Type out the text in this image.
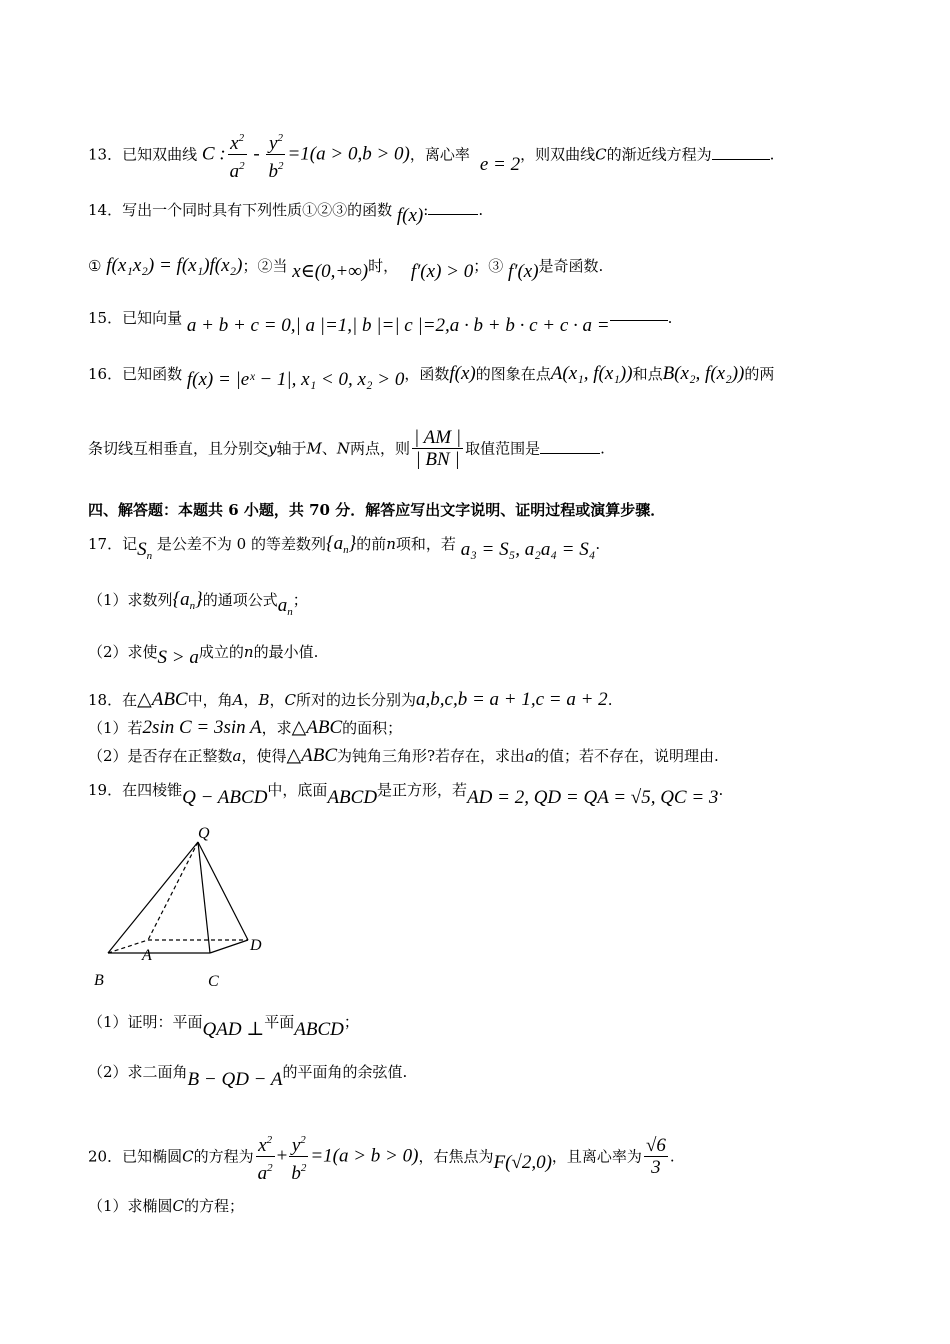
13．已知双曲线 C : $\frac{x^2}{a^2} - \frac{y^2}{b^2} =1(a > 0,b > 0)$，离心率 e = 2，则双曲线C的渐近线方程为	.
14．写出一个同时具有下列性质①②③的函数 f(x):	.
① f(x₁x₂) = f(x₁)f(x₂)；②当 x∈(0,+∞)时， f′(x) > 0；③ f′(x)是奇函数.
15．已知向量 a + b + c = 0,| a |=1,| b |=| c |=2,a · b + b · c + c · a =	.
16．已知函数 f(x) = |eˣ − 1|, x₁ < 0, x₂ > 0，函数f(x)的图象在点A(x₁, f(x₁))和点B(x₂, f(x₂))的两
条切线互相垂直，且分别交y轴于M、N两点，则 $\frac{| AM |}{| BN |}$ 取值范围是	.
四、解答题：本题共 6 小题，共 70 分．解答应写出文字说明、证明过程或演算步骤．
17．记$S_n$ 是公差不为 0 的等差数列$\{a_n\}$的前n项和，若 a₃ = S₅, a₂a₄ = S₄.
（1）求数列$\{a_n\}$的通项公式$a_n$；
（2）求使S > a成立的n的最小值.
18．在△ABC中，角A，B，C所对的边长分别为a,b,c,b = a + 1,c = a + 2.
（1）若2sin C = 3sin A，求△ABC的面积；
（2）是否存在正整数a，使得△ABC为钝角三角形?若存在，求出a的值；若不存在，说明理由.
19．在四棱锥Q − ABCD中，底面ABCD是正方形，若AD = 2, QD = QA = √5, QC = 3.
Q
A
B	C
D
（1）证明：平面QAD ⊥平面ABCD；
（2）求二面角B − QD − A的平面角的余弦值.
20．已知椭圆C的方程为 $\frac{x^2}{a^2} + \frac{y^2}{b^2} =1(a > b > 0)$，右焦点为F(√2,0)，且离心率为 $\frac{√6}{3}$ .
（1）求椭圆C的方程；
